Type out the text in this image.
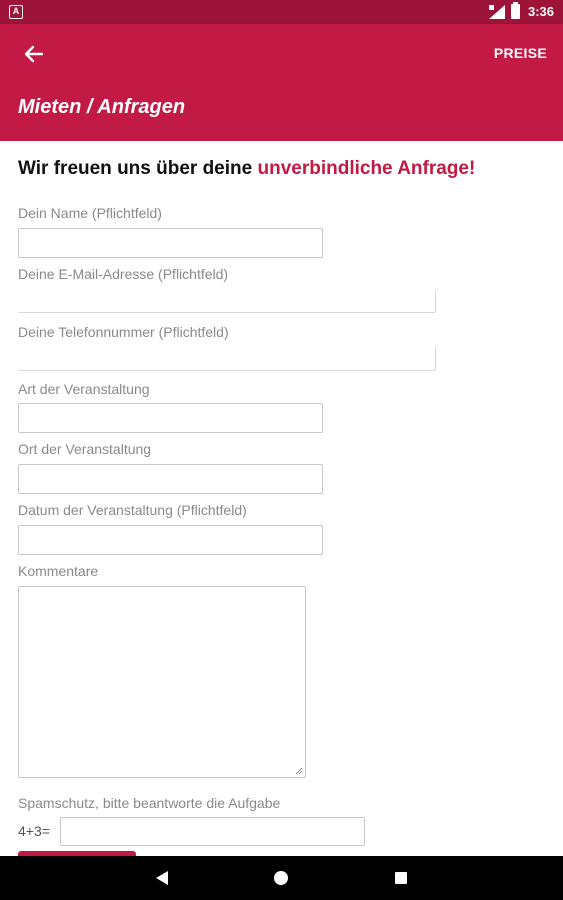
A	3:36
PREISE
Mieten / Anfragen
Wir freuen uns über deine unverbindliche Anfrage!
Dein Name (Pflichtfeld)
Deine E-Mail-Adresse (Pflichtfeld)
Deine Telefonnummer (Pflichtfeld)
Art der Veranstaltung
Ort der Veranstaltung
Datum der Veranstaltung (Pflichtfeld)
Kommentare
Spamschutz, bitte beantworte die Aufgabe
4+3=
